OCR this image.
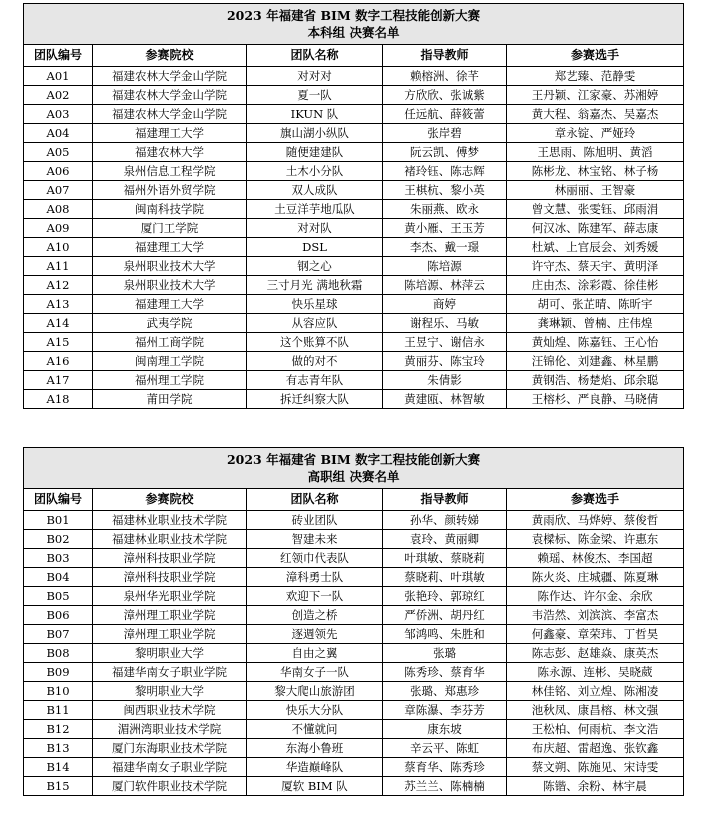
2023 年福建省 BIM 数字工程技能创新大赛
本科组 决赛名单				

团队编号	参赛院校	团队名称	指导教师	参赛选手
A01	福建农林大学金山学院	对对对	赖榕洲、徐芊	郑艺臻、范静雯
A02	福建农林大学金山学院	夏一队	方欣欣、张诚紫	王丹颖、江家豪、苏湘婷
A03	福建农林大学金山学院	IKUN 队	任远航、薛筱蕾	黄大程、翁嘉杰、吴嘉杰
A04	福建理工大学	旗山湖小纵队	张岸碧	章永锭、严娅玲
A05	福建农林大学	随便建建队	阮云凯、傅梦	王思雨、陈旭明、黄滔
A06	泉州信息工程学院	土木小分队	褚玲钰、陈志辉	陈彬龙、林宝铭、林子杨
A07	福州外语外贸学院	双人成队	王棋杭、黎小英	林丽丽、王智豪
A08	闽南科技学院	土豆洋芋地瓜队	朱丽燕、欧永	曾文慧、张雯钰、邱雨涓
A09	厦门工学院	对对队	黄小雁、王玉芳	何汉冰、陈建军、薛志康
A10	福建理工大学	DSL	李杰、戴一璟	杜斌、上官辰会、刘秀媛
A11	泉州职业技术大学	钢之心	陈培源	许守杰、蔡天宇、黄明泽
A12	泉州职业技术大学	三寸月光 满地秋霜	陈培源、林萍云	庄由杰、涂彩霞、徐佳彬
A13	福建理工大学	快乐星球	商婷	胡可、张芷晴、陈昕宇
A14	武夷学院	从容应队	谢程乐、马敏	龚琳颖、曾楠、庄伟煌
A15	福州工商学院	这个账算不队	王昱宁、谢信永	黄灿煌、陈嘉钰、王心怡
A16	闽南理工学院	做的对不	黄丽芬、陈宝玲	汪锦伦、刘建鑫、林星鹏
A17	福州理工学院	有志青年队	朱倩影	黄钢浩、杨楚焰、邱余聪
A18	莆田学院	拆迁纠察大队	黄建瓯、林智敏	王榕杉、严良静、马晓倩
2023 年福建省 BIM 数字工程技能创新大赛
高职组 决赛名单				

团队编号	参赛院校	团队名称	指导教师	参赛选手
B01	福建林业职业技术学院	砖业团队	孙华、颜转娣	黄雨欣、马烨婷、蔡俊哲
B02	福建林业职业技术学院	智建未来	袁玲、黄丽卿	袁樑标、陈金梁、许惠东
B03	漳州科技职业学院	红领巾代表队	叶琪敏、蔡晓莉	赖瑶、林俊杰、李国超
B04	漳州科技职业学院	漳科勇士队	蔡晓莉、叶琪敏	陈火炎、庄城疆、陈夏琳
B05	泉州华光职业学院	欢迎下一队	张艳玲、郭琼红	陈作达、许尔金、余欣
B06	漳州理工职业学院	创造之桥	严侨洲、胡丹红	韦浩然、刘滨滨、李富杰
B07	漳州理工职业学院	逐週领先	邹鸿鸣、朱胜和	何鑫豪、章荣玮、丁哲昊
B08	黎明职业大学	自由之翼	张璐	陈志彭、赵雄焱、康英杰
B09	福建华南女子职业学院	华南女子一队	陈秀珍、蔡育华	陈永源、连彬、吴晓葳
B10	黎明职业大学	黎大爬山旅游团	张璐、郑惠珍	林佳铭、刘立煌、陈湘凌
B11	闽西职业技术学院	快乐大分队	章陈瀑、李芬芳	池秋凤、康昌榕、林文强
B12	湄洲湾职业技术学院	不懂就问	康东坡	王松柏、何雨杭、李文浩
B13	厦门东海职业技术学院	东海小鲁班	辛云平、陈虹	布庆超、雷超逸、张钦鑫
B14	福建华南女子职业学院	华造巅峰队	蔡育华、陈秀珍	蔡文朔、陈施见、宋诗雯
B15	厦门软件职业技术学院	厦软 BIM 队	苏兰兰、陈楠楠	陈锴、余粉、林宇晨
